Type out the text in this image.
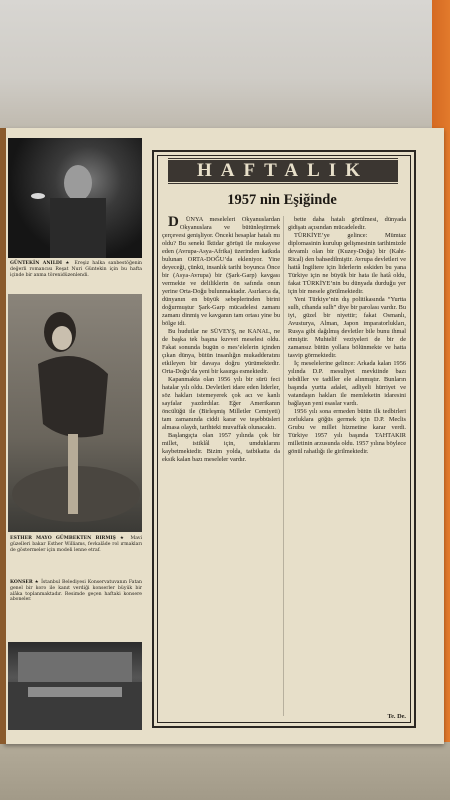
GÜNTEKİN ANILDI ★ Ereşiz halka sanbestöğenin değerli romancısı Reşat Nuri Güntekin için bu hafta içinde bir anma törenidüzenlendi.
ESTHER MAYO GÜMBEKTEN BIRMIŞ ★ Mavi güzelleri bakar Esther Williams, fevkalâde rol ırmakları de göstermeler için modeli lenne etraf.
KONSER ★ İstanbul Belediyesi Konservatuvanın Fatan genel bir koro ile kanıt verdiği konserler büyük bir alâka toplanmaktadır. Resimde geçen haftaki konsere aboneler.
HAFTALIK
1957 nin Eşiğinde

D ÜNYA meseleleri Okyanuslardan Okyanuslara ve bütünleştirmek çerçevesi genişliyor. Önceki hesaplar hatalı mı oldu? Bu seneki İktidar görüşü ile mukayese eden (Avrupa-Asya-Afrika) üzerinden katkıda bulunan ORTA-DOĞU’da ekleniyor. Yine deyeceği, çünkü, insanlık tarihi boyunca Önce bir (Asya-Avrupa) bir (Şark-Garp) kavgası vermekte ve deliliklerin ön safında onun yerine Orta-Doğu bulunmaktadır. Asırlarca da, dünyanın en büyük sebeplerinden birini doğurmuştur Şark-Garp mücadelesi zamanı zamanı dinmiş ve kavganın tam ortası yine bu bölge idi.

Bu hudutlar ne SÜVEYŞ, ne KANAL, ne de başka tek başına kuvvet meselesi oldu. Fakat sonunda bugün o mes’elelerin içinden çıkan dünya, bütün insanlığın mukadderatını etkileyen bir davaya doğru yürümektedir. Orta-Doğu’da yeni bir kasırga esmektedir.

Kapanmakta olan 1956 yılı bir sürü feci hatalar yılı oldu. Devletleri idare eden liderler, söz hakları istemeyerek çok acı ve kanlı sayfalar yazdırdılar. Eğer Amerikanın öncülüğü ile (Birleşmiş Milletler Cemiyeti) tam zamanında ciddi karar ve teşebbüsleri almasa olaydı, tarihteki muvaffak olunacaktı.

Başlangıçta olan 1957 yılında çok bir millet, istiklâl için, umduklarını kaybetmektedir. Bizim yolda, tatbikatta da eksik kalan bazı meseleler vardır.

bette daha hatalı görülmesi, dünyada gidişatı açısından mücadeledir.

TÜRKİYE’ye gelince: Mümtaz diplomasinin kurulup gelişmesinin tarihimizde devamlı olan bir (Kuzey-Doğu) bir (Kaht-Rical) den bahsedilmiştir. Avrupa devletleri ve hattâ İngiltere için liderlerin eskiden bu yana Türkiye için ne büyük bir hata ile hatâ oldu, fakat TÜRKİYE’nin bu dünyada durduğu yer için bir mesele görülmektedir.

Yeni Türkiye’nin dış politikasında “Yurtta sulh, cihanda sulh” diye bir parolası vardır. Bu iyi, güzel bir niyettir; fakat Osmanlı, Avusturya, Alman, Japon imparatorlukları, Rusya gibi dağılmış devletler bile bunu ihmal etmiştir. Muhtelif veziyeleri de bir de zamansız bütün yollara bölünmekte ve hatta tasvip görmektedir.

İç meselelerine gelince: Arkada kalan 1956 yılında D.P. mesuliyet mevkiinde bazı tebdiller ve tadiller ele alınmıştır. Bunların başında yurtta adalet, adliyeli hürriyet ve vatandaşın hakları ile memleketin idaresini bağlayan yeni esaslar vardı.

1956 yılı sona ermeden bütün ilk tedbirleri zorluklara göğüs germek için D.P. Meclis Grubu ve millet hizmetine karar verdi. Türkiye 1957 yılı başında TAHTAKIR milletinin arzusunda oldu. 1957 yılına böylece gönül rahatlığı ile girilmektedir.

Te. De.
